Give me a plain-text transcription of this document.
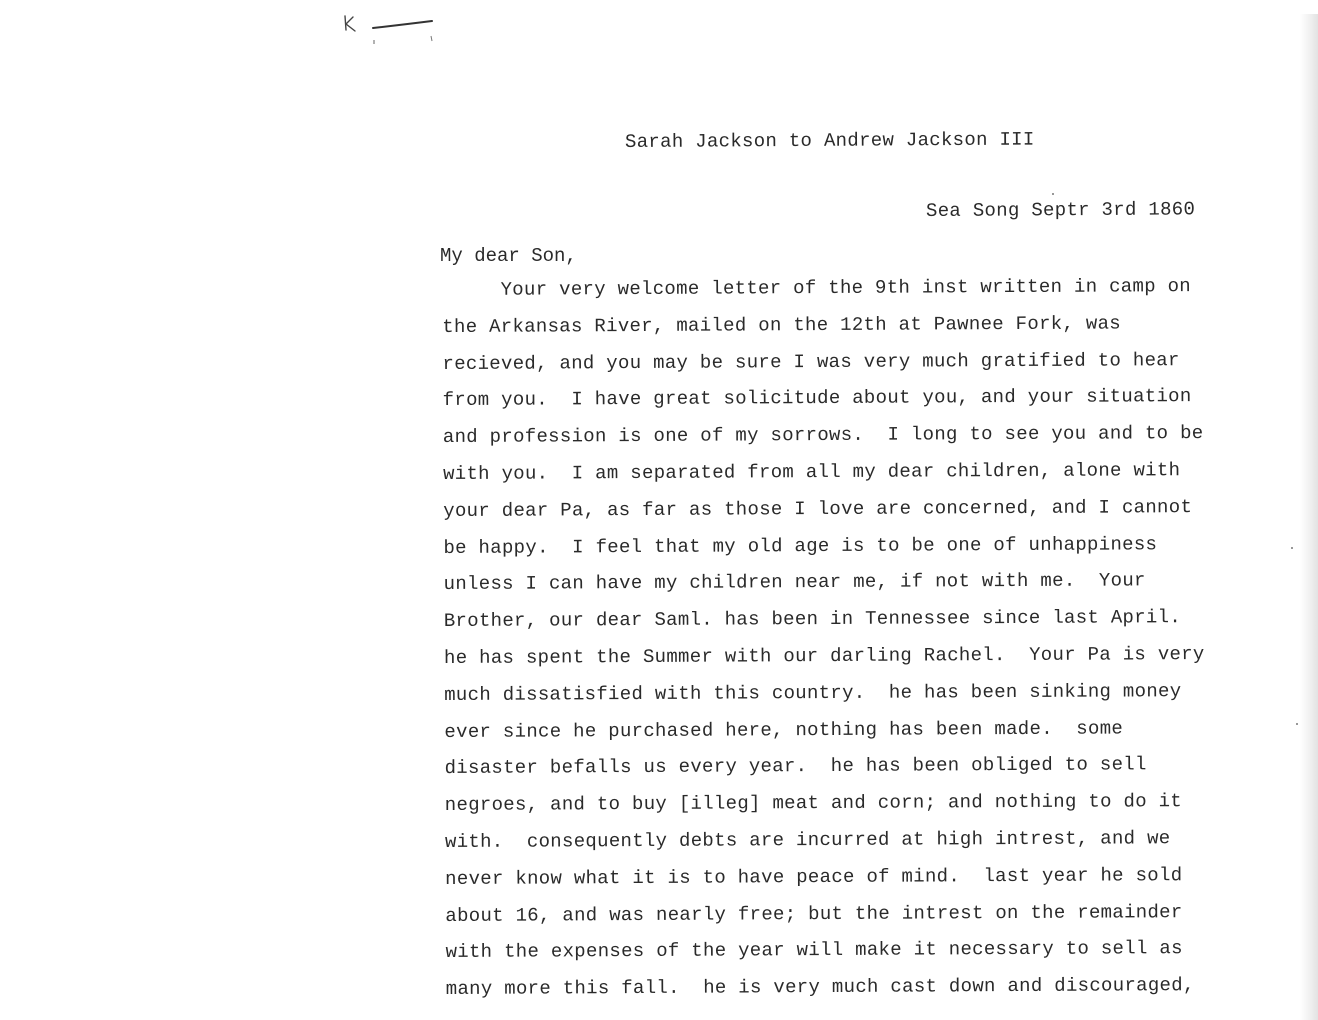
Sarah Jackson to Andrew Jackson III
Sea Song Septr 3rd 1860
My dear Son,
Your very welcome letter of the 9th inst written in camp on
the Arkansas River, mailed on the 12th at Pawnee Fork, was
recieved, and you may be sure I was very much gratified to hear
from you.  I have great solicitude about you, and your situation
and profession is one of my sorrows.  I long to see you and to be
with you.  I am separated from all my dear children, alone with
your dear Pa, as far as those I love are concerned, and I cannot
be happy.  I feel that my old age is to be one of unhappiness
unless I can have my children near me, if not with me.  Your
Brother, our dear Saml. has been in Tennessee since last April.
he has spent the Summer with our darling Rachel.  Your Pa is very
much dissatisfied with this country.  he has been sinking money
ever since he purchased here, nothing has been made.  some
disaster befalls us every year.  he has been obliged to sell
negroes, and to buy [illeg] meat and corn; and nothing to do it
with.  consequently debts are incurred at high intrest, and we
never know what it is to have peace of mind.  last year he sold
about 16, and was nearly free; but the intrest on the remainder
with the expenses of the year will make it necessary to sell as
many more this fall.  he is very much cast down and discouraged,
